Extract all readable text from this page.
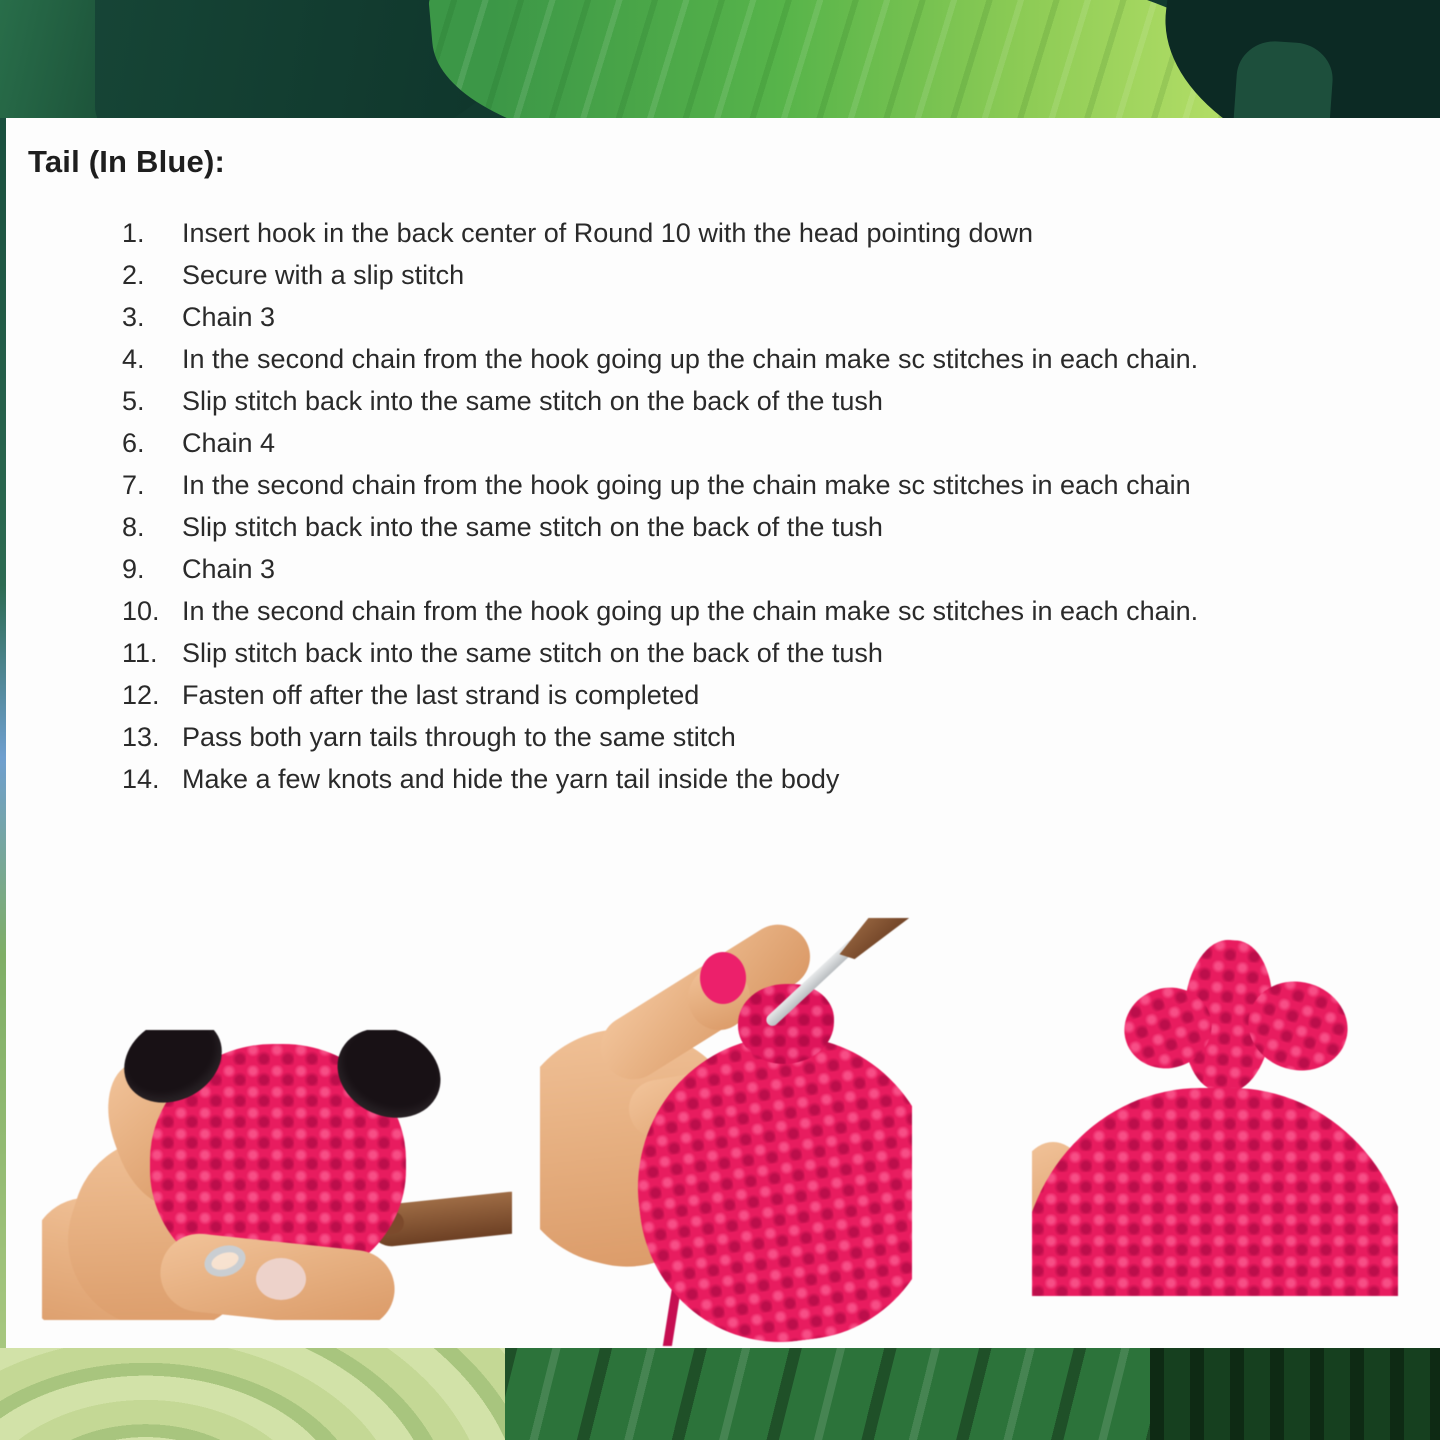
Tail (In Blue):
1.	Insert hook in the back center of Round 10 with the head pointing down
2.	Secure with a slip stitch
3.	Chain 3
4.	In the second chain from the hook going up the chain make sc stitches in each chain.
5.	Slip stitch back into the same stitch on the back of the tush
6.	Chain 4
7.	In the second chain from the hook going up the chain make sc stitches in each chain
8.	Slip stitch back into the same stitch on the back of the tush
9.	Chain 3
10. In the second chain from the hook going up the chain make sc stitches in each chain.
11. Slip stitch back into the same stitch on the back of the tush
12. Fasten off after the last strand is completed
13. Pass both yarn tails through to the same stitch
14. Make a few knots and hide the yarn tail inside the body
